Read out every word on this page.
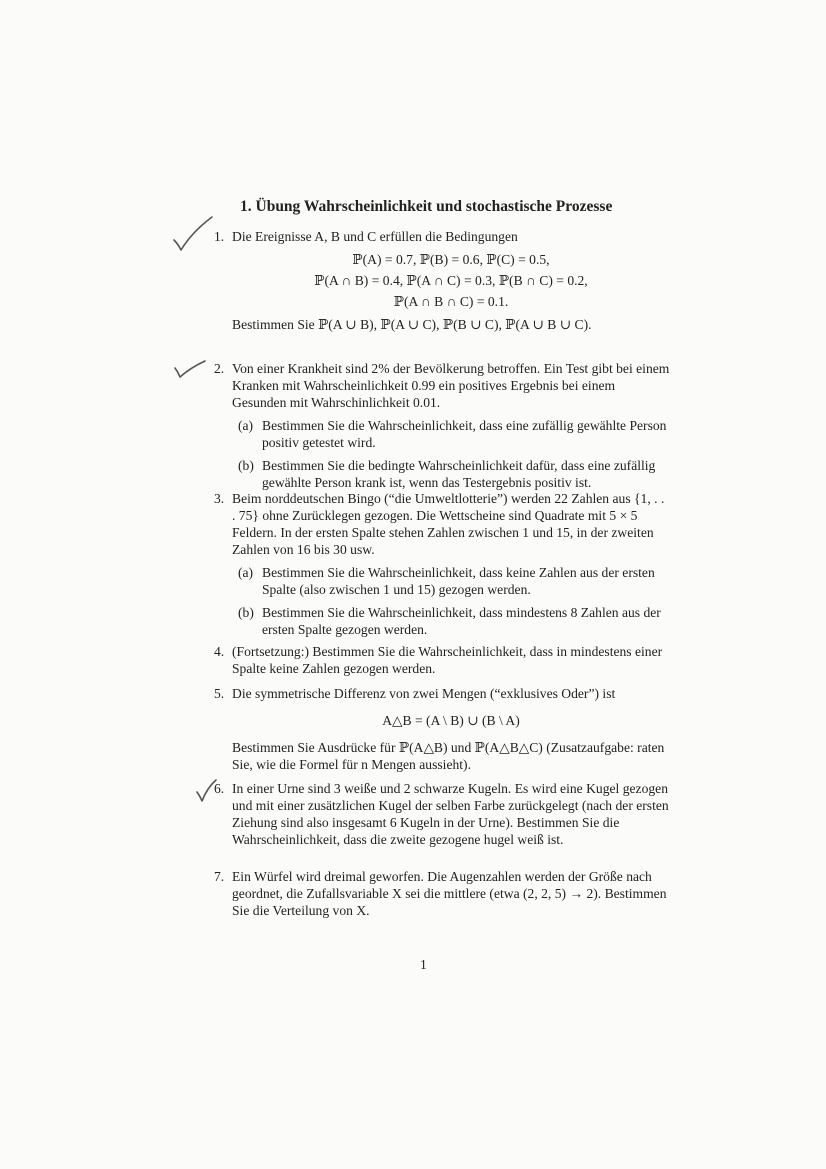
1. Übung Wahrscheinlichkeit und stochastische Prozesse
1. Die Ereignisse A, B und C erfüllen die Bedingungen
ℙ(A) = 0.7, ℙ(B) = 0.6, ℙ(C) = 0.5,
ℙ(A ∩ B) = 0.4, ℙ(A ∩ C) = 0.3, ℙ(B ∩ C) = 0.2,
ℙ(A ∩ B ∩ C) = 0.1.
Bestimmen Sie ℙ(A ∪ B), ℙ(A ∪ C), ℙ(B ∪ C), ℙ(A ∪ B ∪ C).
2. Von einer Krankheit sind 2% der Bevölkerung betroffen. Ein Test gibt bei einem Kranken mit Wahrscheinlichkeit 0.99 ein positives Ergebnis bei einem Gesunden mit Wahrschinlichkeit 0.01.
(a) Bestimmen Sie die Wahrscheinlichkeit, dass eine zufällig gewählte Person positiv getestet wird.
(b) Bestimmen Sie die bedingte Wahrscheinlichkeit dafür, dass eine zufällig gewählte Person krank ist, wenn das Testergebnis positiv ist.
3. Beim norddeutschen Bingo (“die Umweltlotterie”) werden 22 Zahlen aus {1, . . . 75} ohne Zurücklegen gezogen. Die Wettscheine sind Quadrate mit 5 × 5 Feldern. In der ersten Spalte stehen Zahlen zwischen 1 und 15, in der zweiten Zahlen von 16 bis 30 usw.
(a) Bestimmen Sie die Wahrscheinlichkeit, dass keine Zahlen aus der ersten Spalte (also zwischen 1 und 15) gezogen werden.
(b) Bestimmen Sie die Wahrscheinlichkeit, dass mindestens 8 Zahlen aus der ersten Spalte gezogen werden.
4. (Fortsetzung:) Bestimmen Sie die Wahrscheinlichkeit, dass in mindestens einer Spalte keine Zahlen gezogen werden.
5. Die symmetrische Differenz von zwei Mengen (“exklusives Oder”) ist
A△B = (A \ B) ∪ (B \ A)
Bestimmen Sie Ausdrücke für ℙ(A△B) und ℙ(A△B△C) (Zusatzaufgabe: raten Sie, wie die Formel für n Mengen aussieht).
6. In einer Urne sind 3 weiße und 2 schwarze Kugeln. Es wird eine Kugel gezogen und mit einer zusätzlichen Kugel der selben Farbe zurückgelegt (nach der ersten Ziehung sind also insgesamt 6 Kugeln in der Urne). Bestimmen Sie die Wahrscheinlichkeit, dass die zweite gezogene hugel weiß ist.
7. Ein Würfel wird dreimal geworfen. Die Augenzahlen werden der Größe nach geordnet, die Zufallsvariable X sei die mittlere (etwa (2, 2, 5) → 2). Bestimmen Sie die Verteilung von X.
1
